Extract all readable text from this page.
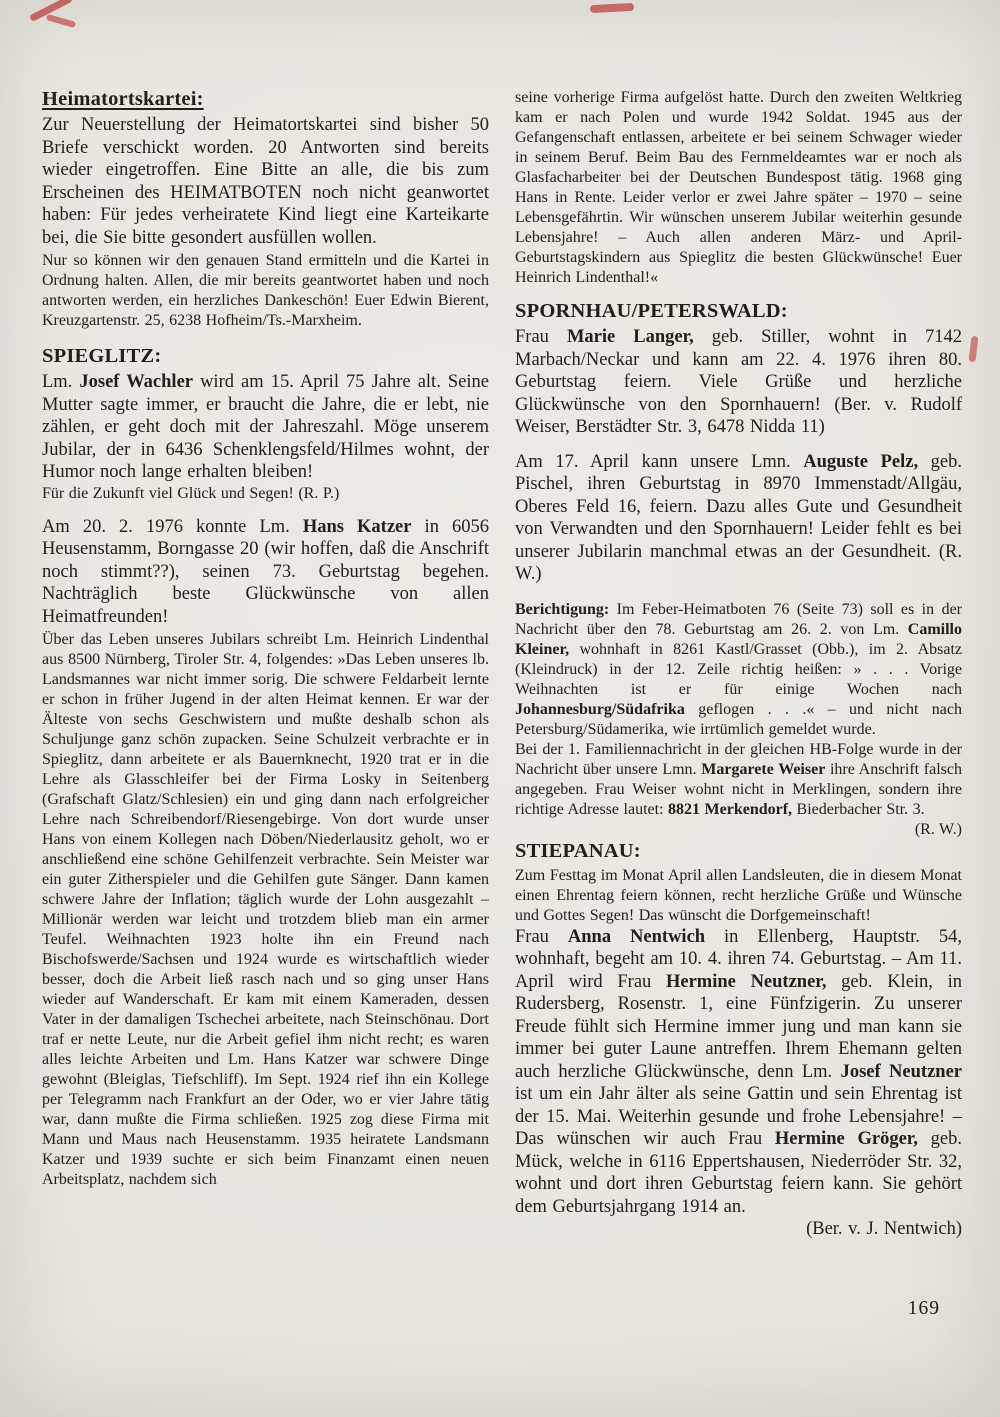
Heimatortskartei:

Zur Neuerstellung der Heimatortskartei sind bisher 50 Briefe verschickt worden. 20 Antworten sind bereits wieder eingetroffen. Eine Bitte an alle, die bis zum Erscheinen des HEIMATBOTEN noch nicht geanwortet haben: Für jedes verheiratete Kind liegt eine Karteikarte bei, die Sie bitte gesondert ausfüllen wollen.

Nur so können wir den genauen Stand ermitteln und die Kartei in Ordnung halten. Allen, die mir bereits geantwortet haben und noch antworten werden, ein herzliches Dankeschön! Euer Edwin Bierent, Kreuzgartenstr. 25, 6238 Hofheim/Ts.-Marxheim.

SPIEGLITZ:

Lm. Josef Wachler wird am 15. April 75 Jahre alt. Seine Mutter sagte immer, er braucht die Jahre, die er lebt, nie zählen, er geht doch mit der Jahreszahl. Möge unserem Jubilar, der in 6436 Schenklengsfeld/Hilmes wohnt, der Humor noch lange erhalten bleiben!

Für die Zukunft viel Glück und Segen! (R. P.)

Am 20. 2. 1976 konnte Lm. Hans Katzer in 6056 Heusenstamm, Borngasse 20 (wir hoffen, daß die Anschrift noch stimmt??), seinen 73. Geburtstag begehen. Nachträglich beste Glückwünsche von allen Heimatfreunden!

Über das Leben unseres Jubilars schreibt Lm. Heinrich Lindenthal aus 8500 Nürnberg, Tiroler Str. 4, folgendes: »Das Leben unseres lb. Landsmannes war nicht immer sorig. Die schwere Feldarbeit lernte er schon in früher Jugend in der alten Heimat kennen. Er war der Älteste von sechs Geschwistern und mußte deshalb schon als Schuljunge ganz schön zupacken. Seine Schulzeit verbrachte er in Spieglitz, dann arbeitete er als Bauernknecht, 1920 trat er in die Lehre als Glasschleifer bei der Firma Losky in Seitenberg (Grafschaft Glatz/Schlesien) ein und ging dann nach erfolgreicher Lehre nach Schreibendorf/Riesengebirge. Von dort wurde unser Hans von einem Kollegen nach Döben/Niederlausitz geholt, wo er anschließend eine schöne Gehilfenzeit verbrachte. Sein Meister war ein guter Zitherspieler und die Gehilfen gute Sänger. Dann kamen schwere Jahre der Inflation; täglich wurde der Lohn ausgezahlt – Millionär werden war leicht und trotzdem blieb man ein armer Teufel. Weihnachten 1923 holte ihn ein Freund nach Bischofswerde/Sachsen und 1924 wurde es wirtschaftlich wieder besser, doch die Arbeit ließ rasch nach und so ging unser Hans wieder auf Wanderschaft. Er kam mit einem Kameraden, dessen Vater in der damaligen Tschechei arbeitete, nach Steinschönau. Dort traf er nette Leute, nur die Arbeit gefiel ihm nicht recht; es waren alles leichte Arbeiten und Lm. Hans Katzer war schwere Dinge gewohnt (Bleiglas, Tiefschliff). Im Sept. 1924 rief ihn ein Kollege per Telegramm nach Frankfurt an der Oder, wo er vier Jahre tätig war, dann mußte die Firma schließen. 1925 zog diese Firma mit Mann und Maus nach Heusenstamm. 1935 heiratete Landsmann Katzer und 1939 suchte er sich beim Finanzamt einen neuen Arbeitsplatz, nachdem sich

seine vorherige Firma aufgelöst hatte. Durch den zweiten Weltkrieg kam er nach Polen und wurde 1942 Soldat. 1945 aus der Gefangenschaft entlassen, arbeitete er bei seinem Schwager wieder in seinem Beruf. Beim Bau des Fernmeldeamtes war er noch als Glasfacharbeiter bei der Deutschen Bundespost tätig. 1968 ging Hans in Rente. Leider verlor er zwei Jahre später – 1970 – seine Lebensgefährtin. Wir wünschen unserem Jubilar weiterhin gesunde Lebensjahre! – Auch allen anderen März- und April-Geburtstagskindern aus Spieglitz die besten Glückwünsche! Euer Heinrich Lindenthal!«

SPORNHAU/PETERSWALD:

Frau Marie Langer, geb. Stiller, wohnt in 7142 Marbach/Neckar und kann am 22. 4. 1976 ihren 80. Geburtstag feiern. Viele Grüße und herzliche Glückwünsche von den Spornhauern! (Ber. v. Rudolf Weiser, Berstädter Str. 3, 6478 Nidda 11)

Am 17. April kann unsere Lmn. Auguste Pelz, geb. Pischel, ihren Geburtstag in 8970 Immenstadt/Allgäu, Oberes Feld 16, feiern. Dazu alles Gute und Gesundheit von Verwandten und den Spornhauern! Leider fehlt es bei unserer Jubilarin manchmal etwas an der Gesundheit. (R. W.)

Berichtigung: Im Feber-Heimatboten 76 (Seite 73) soll es in der Nachricht über den 78. Geburtstag am 26. 2. von Lm. Camillo Kleiner, wohnhaft in 8261 Kastl/Grasset (Obb.), im 2. Absatz (Kleindruck) in der 12. Zeile richtig heißen: » . . . Vorige Weihnachten ist er für einige Wochen nach Johannesburg/Südafrika geflogen . . .« – und nicht nach Petersburg/Südamerika, wie irrtümlich gemeldet wurde.

Bei der 1. Familiennachricht in der gleichen HB-Folge wurde in der Nachricht über unsere Lmn. Margarete Weiser ihre Anschrift falsch angegeben. Frau Weiser wohnt nicht in Merklingen, sondern ihre richtige Adresse lautet: 8821 Merkendorf, Biederbacher Str. 3.

(R. W.)

STIEPANAU:

Zum Festtag im Monat April allen Landsleuten, die in diesem Monat einen Ehrentag feiern können, recht herzliche Grüße und Wünsche und Gottes Segen! Das wünscht die Dorfgemeinschaft!

Frau Anna Nentwich in Ellenberg, Hauptstr. 54, wohnhaft, begeht am 10. 4. ihren 74. Geburtstag. – Am 11. April wird Frau Hermine Neutzner, geb. Klein, in Rudersberg, Rosenstr. 1, eine Fünfzigerin. Zu unserer Freude fühlt sich Hermine immer jung und man kann sie immer bei guter Laune antreffen. Ihrem Ehemann gelten auch herzliche Glückwünsche, denn Lm. Josef Neutzner ist um ein Jahr älter als seine Gattin und sein Ehrentag ist der 15. Mai. Weiterhin gesunde und frohe Lebensjahre! – Das wünschen wir auch Frau Hermine Gröger, geb. Mück, welche in 6116 Eppertshausen, Niederröder Str. 32, wohnt und dort ihren Geburtstag feiern kann. Sie gehört dem Geburtsjahrgang 1914 an.

(Ber. v. J. Nentwich)

169
